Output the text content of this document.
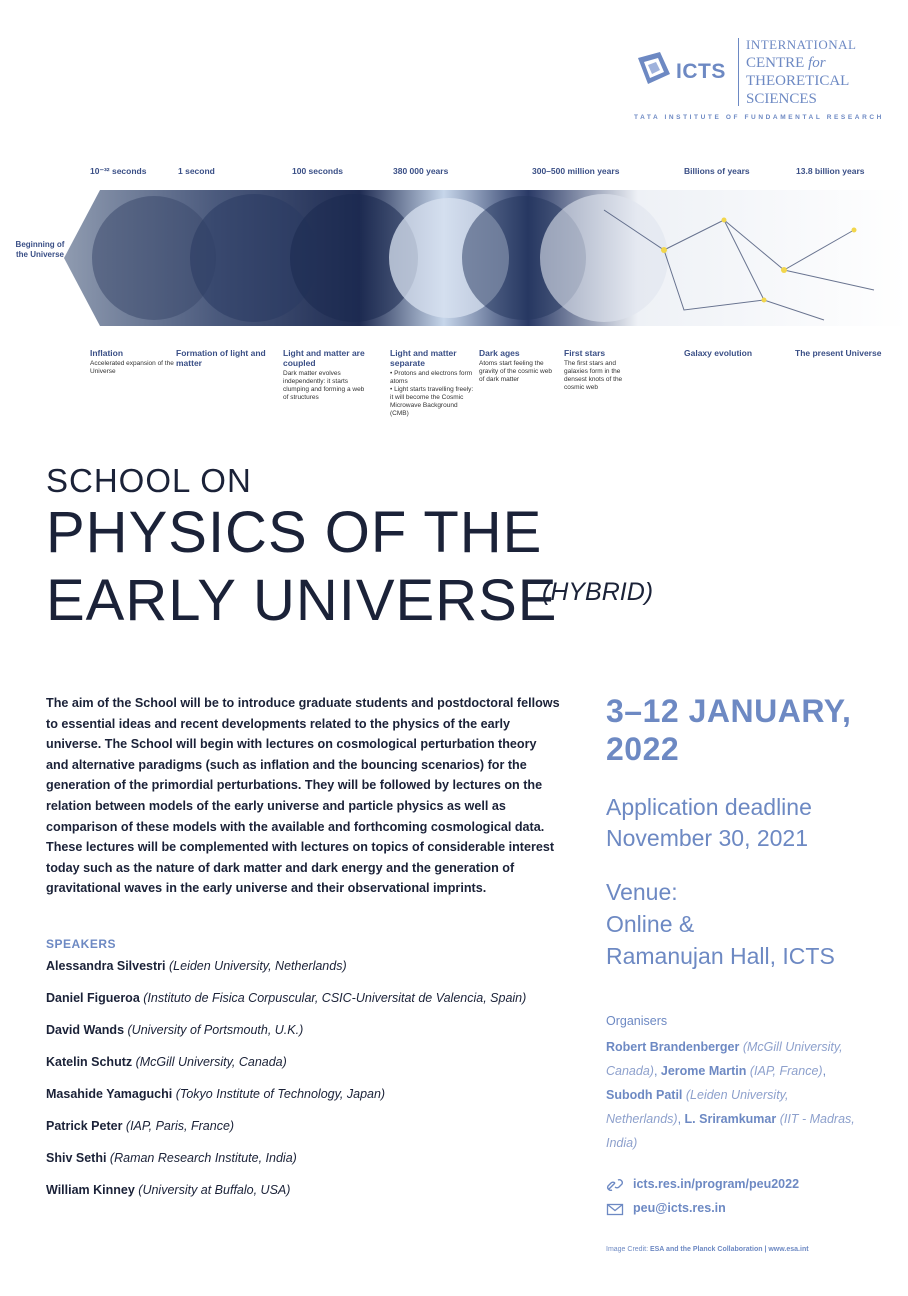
ICTS
INTERNATIONAL
CENTRE for
THEORETICAL
SCIENCES
TATA INSTITUTE OF FUNDAMENTAL RESEARCH
10⁻³² seconds	1 second	100 seconds	380 000 years	300–500 million years	Billions of years	13.8 billion years
Beginning of the Universe
Inflation
Accelerated expansion of the Universe
Formation of light and matter
Light and matter are coupled
Dark matter evolves independently: it starts clumping and forming a web of structures
Light and matter separate
• Protons and electrons form atoms
• Light starts travelling freely: it will become the Cosmic Microwave Background (CMB)
Dark ages
Atoms start feeling the gravity of the cosmic web of dark matter
First stars
The first stars and galaxies form in the densest knots of the cosmic web
Galaxy evolution	The present Universe
SCHOOL ON
PHYSICS OF THE
EARLY UNIVERSE
(HYBRID)
The aim of the School will be to introduce graduate students and postdoctoral fellows to essential ideas and recent developments related to the physics of the early universe. The School will begin with lectures on cosmological perturbation theory and alternative paradigms (such as inflation and the bouncing scenarios) for the generation of the primordial perturbations. They will be followed by lectures on the relation between models of the early universe and particle physics as well as comparison of these models with the available and forthcoming cosmological data. These lectures will be complemented with lectures on topics of considerable interest today such as the nature of dark matter and dark energy and the generation of gravitational waves in the early universe and their observational imprints.
SPEAKERS
Alessandra Silvestri (Leiden University, Netherlands)
Daniel Figueroa (Instituto de Fisica Corpuscular, CSIC-Universitat de Valencia, Spain)
David Wands (University of Portsmouth, U.K.)
Katelin Schutz (McGill University, Canada)
Masahide Yamaguchi (Tokyo Institute of Technology, Japan)
Patrick Peter (IAP, Paris, France)
Shiv Sethi (Raman Research Institute, India)
William Kinney (University at Buffalo, USA)
3–12 JANUARY,
2022
Application deadline
November 30, 2021
Venue:
Online &
Ramanujan Hall, ICTS
Organisers
Robert Brandenberger (McGill University, Canada), Jerome Martin (IAP, France), Subodh Patil (Leiden University, Netherlands), L. Sriramkumar (IIT - Madras, India)
icts.res.in/program/peu2022
peu@icts.res.in
Image Credit: ESA and the Planck Collaboration | www.esa.int
